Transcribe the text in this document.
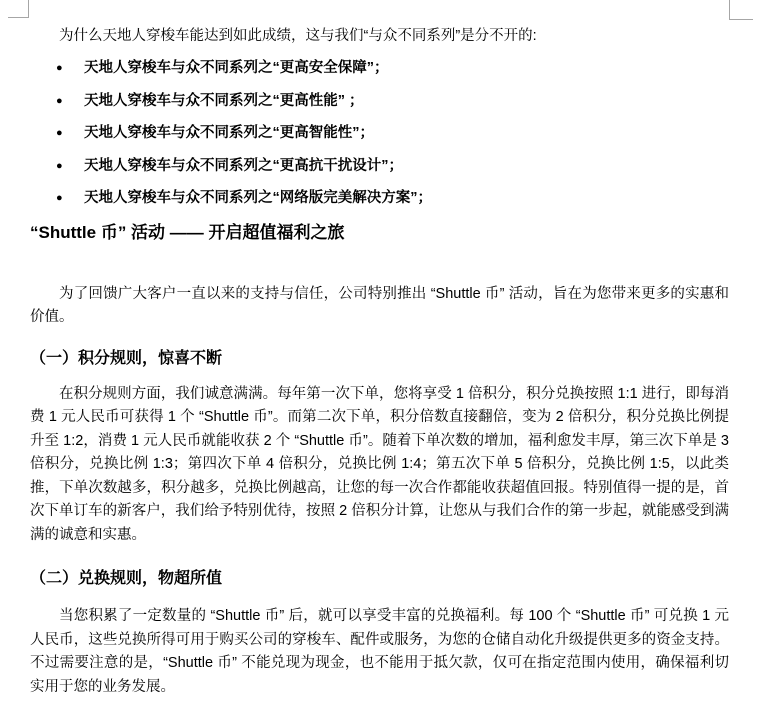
为什么天地人穿梭车能达到如此成绩，这与我们“与众不同系列”是分不开的:

●	天地人穿梭车与众不同系列之“更高安全保障”；
●	天地人穿梭车与众不同系列之“更高性能” ；
●	天地人穿梭车与众不同系列之“更高智能性”；
●	天地人穿梭车与众不同系列之“更高抗干扰设计”；
●	天地人穿梭车与众不同系列之“网络版完美解决方案”；
“Shuttle 币” 活动 —— 开启超值福利之旅

为了回馈广大客户一直以来的支持与信任，公司特别推出 “Shuttle 币” 活动，旨在为您带来更多的实惠和价值。

（一）积分规则，惊喜不断

在积分规则方面，我们诚意满满。每年第一次下单，您将享受 1 倍积分，积分兑换按照 1:1 进行，即每消费 1 元人民币可获得 1 个 “Shuttle 币”。而第二次下单，积分倍数直接翻倍，变为 2 倍积分，积分兑换比例提升至 1:2，消费 1 元人民币就能收获 2 个 “Shuttle 币”。随着下单次数的增加，福利愈发丰厚，第三次下单是 3 倍积分，兑换比例 1:3；第四次下单 4 倍积分，兑换比例 1:4；第五次下单 5 倍积分，兑换比例 1:5，以此类推，下单次数越多，积分越多，兑换比例越高，让您的每一次合作都能收获超值回报。特别值得一提的是，首次下单订车的新客户，我们给予特别优待，按照 2 倍积分计算，让您从与我们合作的第一步起，就能感受到满满的诚意和实惠。

（二）兑换规则，物超所值

当您积累了一定数量的 “Shuttle 币” 后，就可以享受丰富的兑换福利。每 100 个 “Shuttle 币” 可兑换 1 元人民币，这些兑换所得可用于购买公司的穿梭车、配件或服务，为您的仓储自动化升级提供更多的资金支持。不过需要注意的是，“Shuttle 币” 不能兑现为现金，也不能用于抵欠款，仅可在指定范围内使用，确保福利切实用于您的业务发展。
